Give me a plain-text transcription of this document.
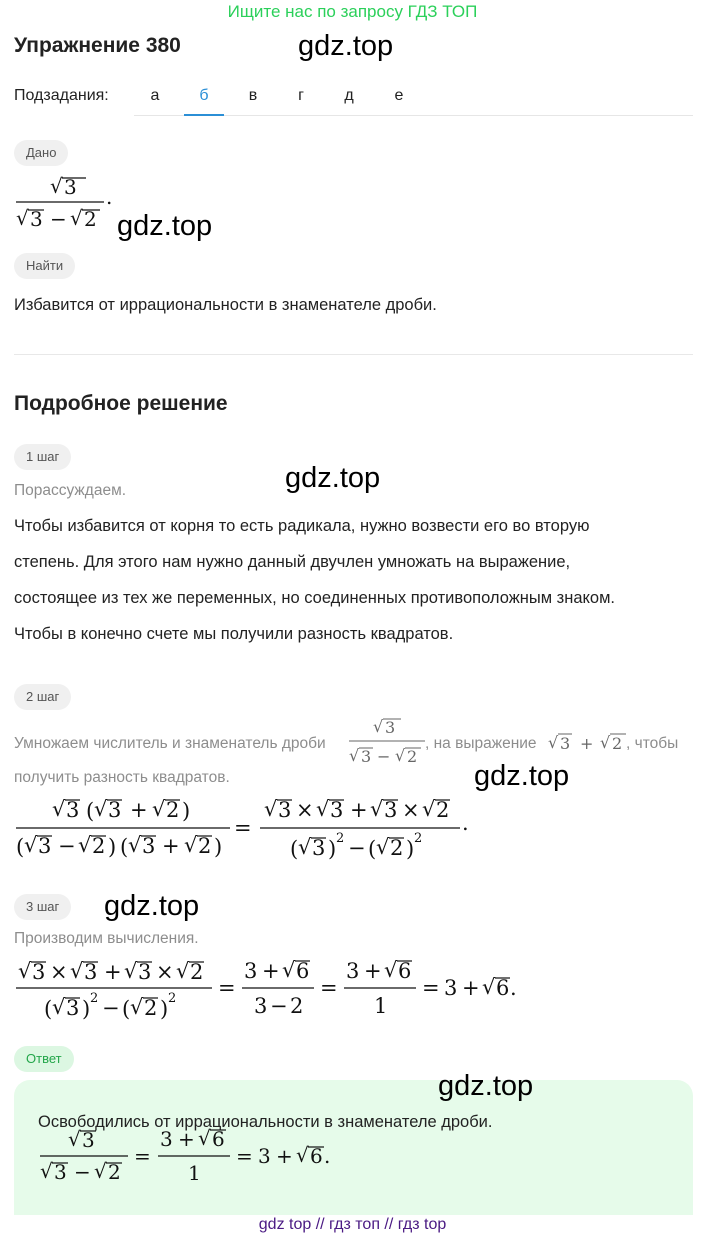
Ищите нас по запросу ГДЗ ТОП
Упражнение 380	gdz.top
Подзадания:	а	б	в	г	д	е
Дано
√ 3
√ 3 − √ 2
.
gdz.top
Найти
Избавится от иррациональности в знаменателе дроби.
Подробное решение
1 шаг
gdz.top
Порассуждаем.
Чтобы избавится от корня то есть радикала, нужно возвести его во вторую
степень. Для этого нам нужно данный двучлен умножать на выражение,
состоящее из тех же переменных, но соединенных противоположным знаком.
Чтобы в конечно счете мы получили разность квадратов.
2 шаг
Умножаем числитель и знаменатель дроби
√ 3
√ 3 − √ 2
, на выражение √ 3 + √ 2 , чтобы
получить разность квадратов.	gdz.top
√ 3 ( √ 3 + √ 2 )
( √ 3 − √ 2 ) ( √ 3 + √ 2 )
=
√ 3 × √ 3 + √ 3 × √ 2
( √ 3 ) 2 − ( √ 2 ) 2
.
3 шаг	gdz.top
Производим вычисления.
√ 3 × √ 3 + √ 3 × √ 2
( √ 3 ) 2 − ( √ 2 ) 2 =
3 + √ 6
3 − 2
=
3 + √ 6
1
= 3 + √ 6 .
Ответ
gdz.top
Освободились от иррациональности в знаменателе дроби.
√ 3
√ 3 − √ 2
=
3 + √ 6
1
= 3 + √ 6 .
gdz top // гдз топ // гдз top
